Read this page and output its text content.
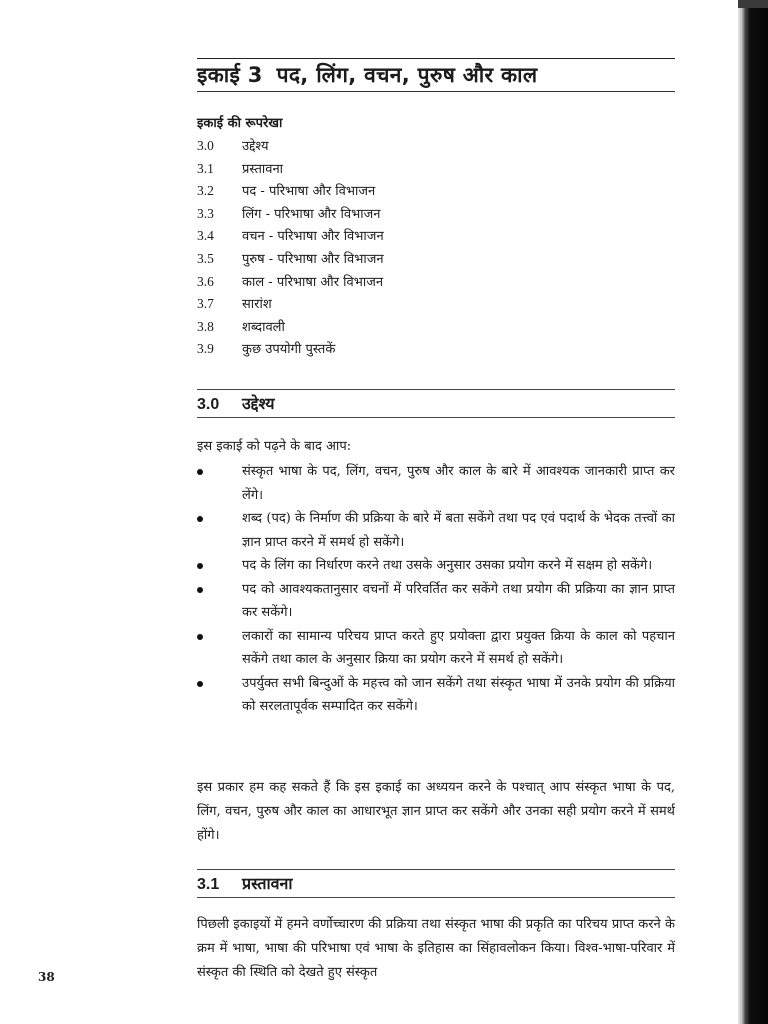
38
इकाई 3 पद, लिंग, वचन, पुरुष और काल
इकाई की रूपरेखा
3.0 उद्देश्य
3.1 प्रस्तावना
3.2 पद - परिभाषा और विभाजन
3.3 लिंग - परिभाषा और विभाजन
3.4 वचन - परिभाषा और विभाजन
3.5 पुरुष - परिभाषा और विभाजन
3.6 काल - परिभाषा और विभाजन
3.7 सारांश
3.8 शब्दावली
3.9 कुछ उपयोगी पुस्तकें
3.0 उद्देश्य
इस इकाई को पढ़ने के बाद आप:
संस्कृत भाषा के पद, लिंग, वचन, पुरुष और काल के बारे में आवश्यक जानकारी प्राप्त कर लेंगे।
शब्द (पद) के निर्माण की प्रक्रिया के बारे में बता सकेंगे तथा पद एवं पदार्थ के भेदक तत्त्वों का ज्ञान प्राप्त करने में समर्थ हो सकेंगे।
पद के लिंग का निर्धारण करने तथा उसके अनुसार उसका प्रयोग करने में सक्षम हो सकेंगे।
पद को आवश्यकतानुसार वचनों में परिवर्तित कर सकेंगे तथा प्रयोग की प्रक्रिया का ज्ञान प्राप्त कर सकेंगे।
लकारों का सामान्य परिचय प्राप्त करते हुए प्रयोक्ता द्वारा प्रयुक्त क्रिया के काल को पहचान सकेंगे तथा काल के अनुसार क्रिया का प्रयोग करने में समर्थ हो सकेंगे।
उपर्युक्त सभी बिन्दुओं के महत्त्व को जान सकेंगे तथा संस्कृत भाषा में उनके प्रयोग की प्रक्रिया को सरलतापूर्वक सम्पादित कर सकेंगे।
इस प्रकार हम कह सकते हैं कि इस इकाई का अध्ययन करने के पश्चात् आप संस्कृत भाषा के पद, लिंग, वचन, पुरुष और काल का आधारभूत ज्ञान प्राप्त कर सकेंगे और उनका सही प्रयोग करने में समर्थ होंगे।
3.1 प्रस्तावना
पिछली इकाइयों में हमने वर्णोच्चारण की प्रक्रिया तथा संस्कृत भाषा की प्रकृति का परिचय प्राप्त करने के क्रम में भाषा, भाषा की परिभाषा एवं भाषा के इतिहास का सिंहावलोकन किया। विश्व-भाषा-परिवार में संस्कृत की स्थिति को देखते हुए संस्कृत
